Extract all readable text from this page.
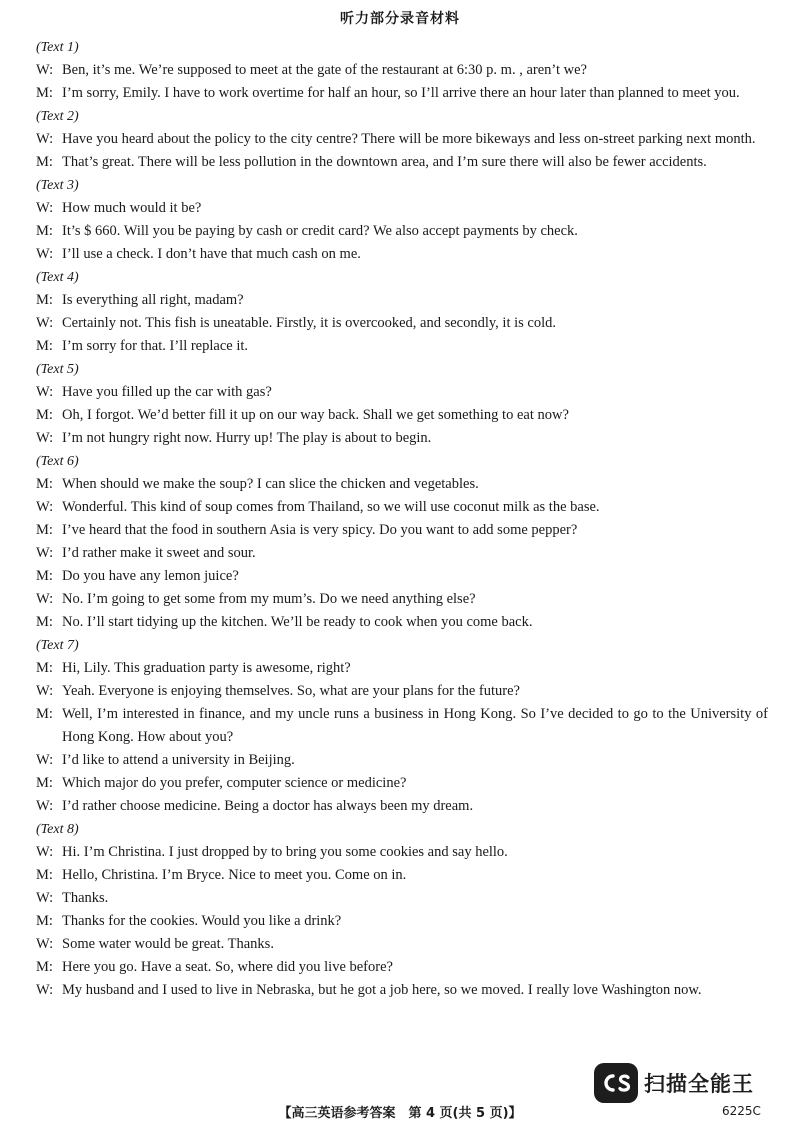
听力部分录音材料
(Text 1)
W: Ben, it’s me. We’re supposed to meet at the gate of the restaurant at 6:30 p. m. , aren’t we?
M: I’m sorry, Emily. I have to work overtime for half an hour, so I’ll arrive there an hour later than planned to meet you.
(Text 2)
W: Have you heard about the policy to the city centre? There will be more bikeways and less on-street parking next month.
M: That’s great. There will be less pollution in the downtown area, and I’m sure there will also be fewer accidents.
(Text 3)
W: How much would it be?
M: It’s $ 660. Will you be paying by cash or credit card? We also accept payments by check.
W: I’ll use a check. I don’t have that much cash on me.
(Text 4)
M: Is everything all right, madam?
W: Certainly not. This fish is uneatable. Firstly, it is overcooked, and secondly, it is cold.
M: I’m sorry for that. I’ll replace it.
(Text 5)
W: Have you filled up the car with gas?
M: Oh, I forgot. We’d better fill it up on our way back. Shall we get something to eat now?
W: I’m not hungry right now. Hurry up! The play is about to begin.
(Text 6)
M: When should we make the soup? I can slice the chicken and vegetables.
W: Wonderful. This kind of soup comes from Thailand, so we will use coconut milk as the base.
M: I’ve heard that the food in southern Asia is very spicy. Do you want to add some pepper?
W: I’d rather make it sweet and sour.
M: Do you have any lemon juice?
W: No. I’m going to get some from my mum’s. Do we need anything else?
M: No. I’ll start tidying up the kitchen. We’ll be ready to cook when you come back.
(Text 7)
M: Hi, Lily. This graduation party is awesome, right?
W: Yeah. Everyone is enjoying themselves. So, what are your plans for the future?
M: Well, I’m interested in finance, and my uncle runs a business in Hong Kong. So I’ve decided to go to the University of Hong Kong. How about you?
W: I’d like to attend a university in Beijing.
M: Which major do you prefer, computer science or medicine?
W: I’d rather choose medicine. Being a doctor has always been my dream.
(Text 8)
W: Hi. I’m Christina. I just dropped by to bring you some cookies and say hello.
M: Hello, Christina. I’m Bryce. Nice to meet you. Come on in.
W: Thanks.
M: Thanks for the cookies. Would you like a drink?
W: Some water would be great. Thanks.
M: Here you go. Have a seat. So, where did you live before?
W: My husband and I used to live in Nebraska, but he got a job here, so we moved. I really love Washington now.
扫描全能王
【高三英语参考答案　第 4 页(共 5 页)】	6225C
